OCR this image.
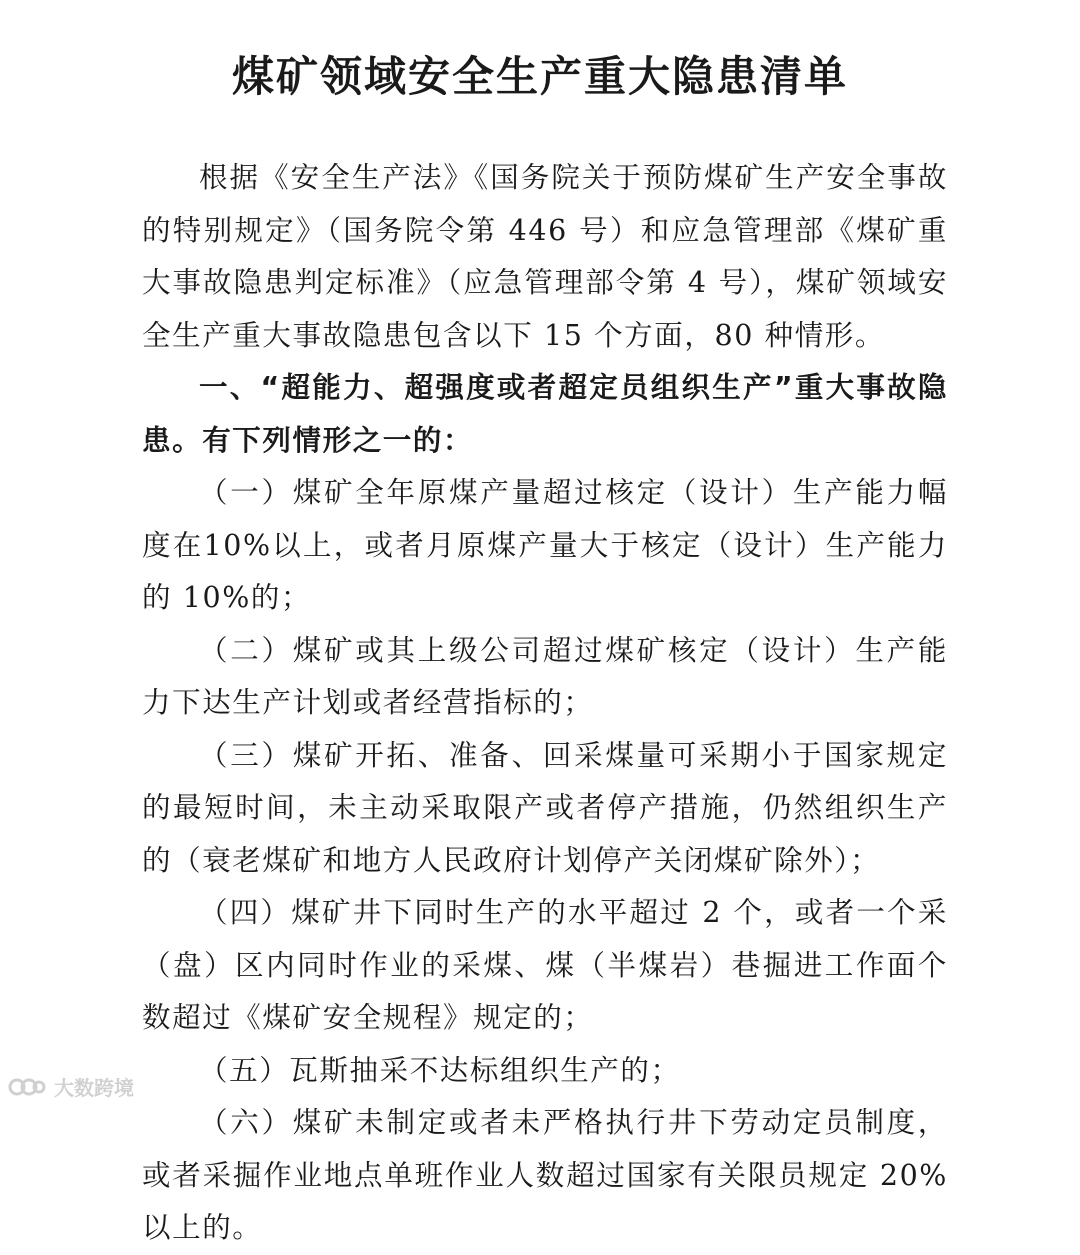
煤矿领域安全生产重大隐患清单

根据《安全生产法》《国务院关于预防煤矿生产安全事故的特别规定》（国务院令第 446 号）和应急管理部《煤矿重大事故隐患判定标准》（应急管理部令第 4 号），煤矿领域安全生产重大事故隐患包含以下 15 个方面，80 种情形。

一、“超能力、超强度或者超定员组织生产”重大事故隐患。有下列情形之一的：

（一）煤矿全年原煤产量超过核定（设计）生产能力幅度在10%以上，或者月原煤产量大于核定（设计）生产能力的 10%的；

（二）煤矿或其上级公司超过煤矿核定（设计）生产能力下达生产计划或者经营指标的；

（三）煤矿开拓、准备、回采煤量可采期小于国家规定的最短时间，未主动采取限产或者停产措施，仍然组织生产的（衰老煤矿和地方人民政府计划停产关闭煤矿除外）；

（四）煤矿井下同时生产的水平超过 2 个，或者一个采（盘）区内同时作业的采煤、煤（半煤岩）巷掘进工作面个数超过《煤矿安全规程》规定的；

（五）瓦斯抽采不达标组织生产的；

（六）煤矿未制定或者未严格执行井下劳动定员制度，或者采掘作业地点单班作业人数超过国家有关限员规定 20%以上的。

大数跨境
